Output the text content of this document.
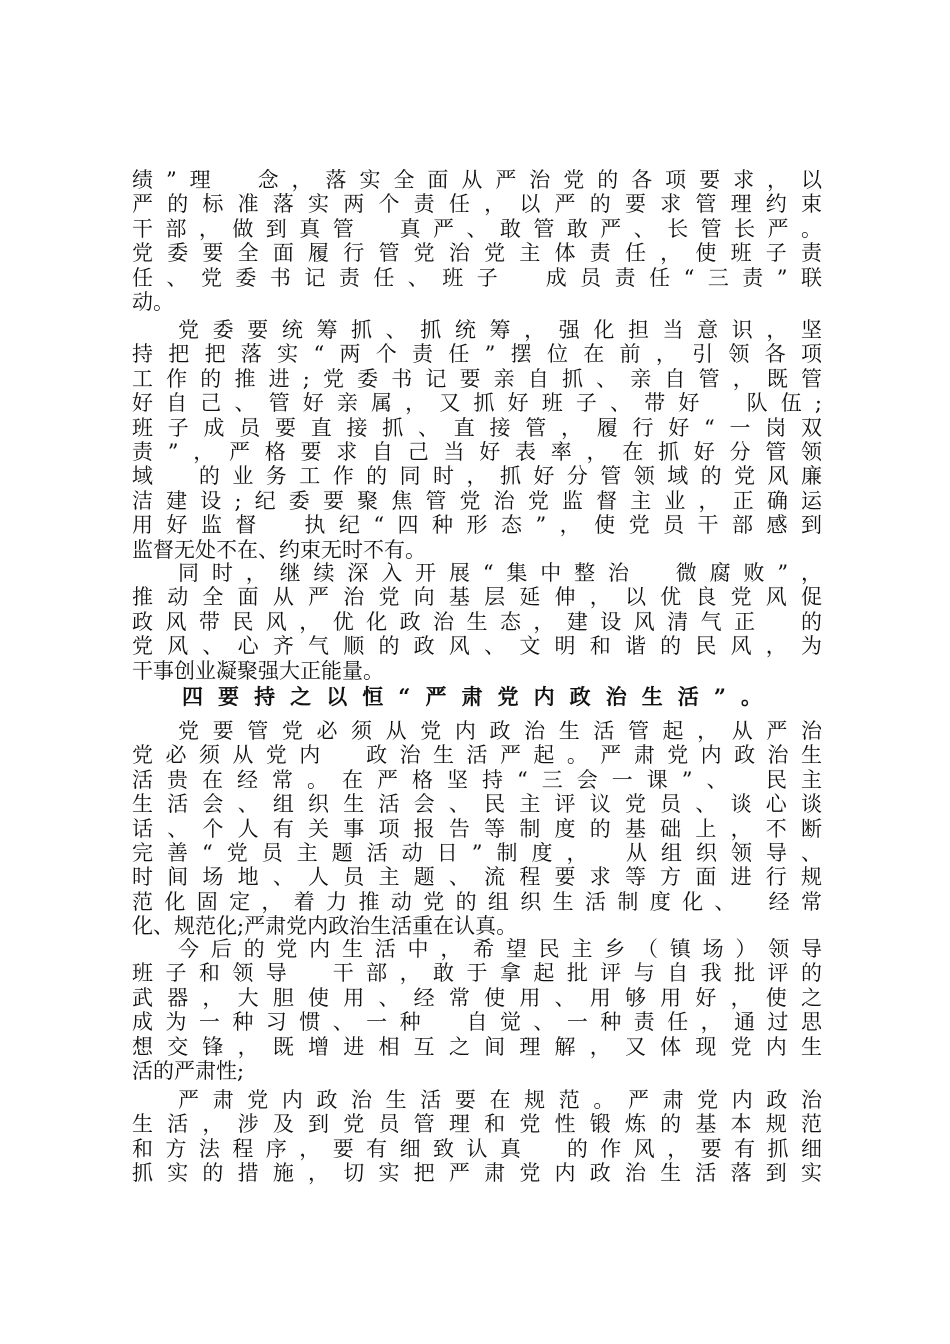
绩”理　念，落实全面从严治党的各项要求，以
严的标准落实两个责任，以严的要求管理约束
干部，做到真管　真严、敢管敢严、长管长严。
党委要全面履行管党治党主体责任，使班子责
任、党委书记责任、班子　成员责任“三责”联
动。
党委要统筹抓、抓统筹，强化担当意识，坚
持把把落实“两个责任”摆位在前，引领各项
工作的推进;党委书记要亲自抓、亲自管，既管
好自己、管好亲属，又抓好班子、带好　队伍;
班子成员要直接抓、直接管，履行好“一岗双
责”，严格要求自己当好表率，在抓好分管领
域　的业务工作的同时，抓好分管领域的党风廉
洁建设;纪委要聚焦管党治党监督主业，正确运
用好监督　执纪“四种形态”，使党员干部感到
监督无处不在、约束无时不有。
同时，继续深入开展“集中整治　微腐败”，
推动全面从严治党向基层延伸，以优良党风促
政风带民风，优化政治生态，建设风清气正　的
党风、心齐气顺的政风、文明和谐的民风，为
干事创业凝聚强大正能量。
四要持之以恒“严肃党内政治生活”。
党要管党必须从党内政治生活管起，从严治
党必须从党内　政治生活严起。严肃党内政治生
活贵在经常。在严格坚持“三会一课”、　民主
生活会、组织生活会、民主评议党员、谈心谈
话、个人有关事项报告等制度的基础上，不断
完善“党员主题活动日”制度，　从组织领导、
时间场地、人员主题、流程要求等方面进行规
范化固定，着力推动党的组织生活制度化、　经常
化、规范化;严肃党内政治生活重在认真。
今后的党内生活中，希望民主乡（镇场）领导
班子和领导　干部，敢于拿起批评与自我批评的
武器，大胆使用、经常使用、用够用好，使之
成为一种习惯、一种　自觉、一种责任，通过思
想交锋，既增进相互之间理解，又体现党内生
活的严肃性;
严肃党内政治生活要在规范。严肃党内政治
生活，涉及到党员管理和党性锻炼的基本规范
和方法程序，要有细致认真　的作风，要有抓细
抓实的措施，切实把严肃党内政治生活落到实
